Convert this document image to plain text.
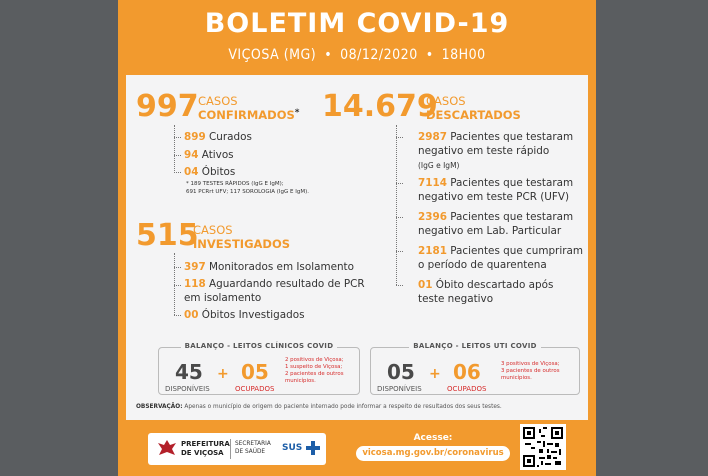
BOLETIM COVID-19
VIÇOSA (MG) • 08/12/2020 • 18H00
997 CASOS
CONFIRMADOS*
899 Curados
94 Ativos
04 Óbitos
* 189 TESTES RÁPIDOS (IgG E IgM);
691 PCRrt UFV; 117 SOROLOGIA (IgG E IgM).
515
CASOS
INVESTIGADOS
397 Monitorados em Isolamento
118 Aguardando resultado de PCR
em isolamento
00 Óbitos Investigados
14.679
CASOS
DESCARTADOS
2987 Pacientes que testaram
negativo em teste rápido
(IgG e IgM)
7114 Pacientes que testaram
negativo em teste PCR (UFV)
2396 Pacientes que testaram
negativo em Lab. Particular
2181 Pacientes que cumpriram
o período de quarentena
01 Óbito descartado após
teste negativo
BALANÇO - LEITOS CLÍNICOS COVID
45
DISPONÍVEIS
+ 05
OCUPADOS
2 positivos de Viçosa;
1 suspeito de Viçosa;
2 pacientes de outros
municípios.
BALANÇO - LEITOS UTI COVID
05
DISPONÍVEIS
+ 06
OCUPADOS
3 positivos de Viçosa;
3 pacientes de outros
municípios.
OBSERVAÇÃO: Apenas o município de origem do paciente internado pode informar a respeito de resultados dos seus testes.
PREFEITURA
DE VIÇOSA
SECRETARIA
DE SAÚDE	SUS
Acesse:
vicosa.mg.gov.br/coronavirus
